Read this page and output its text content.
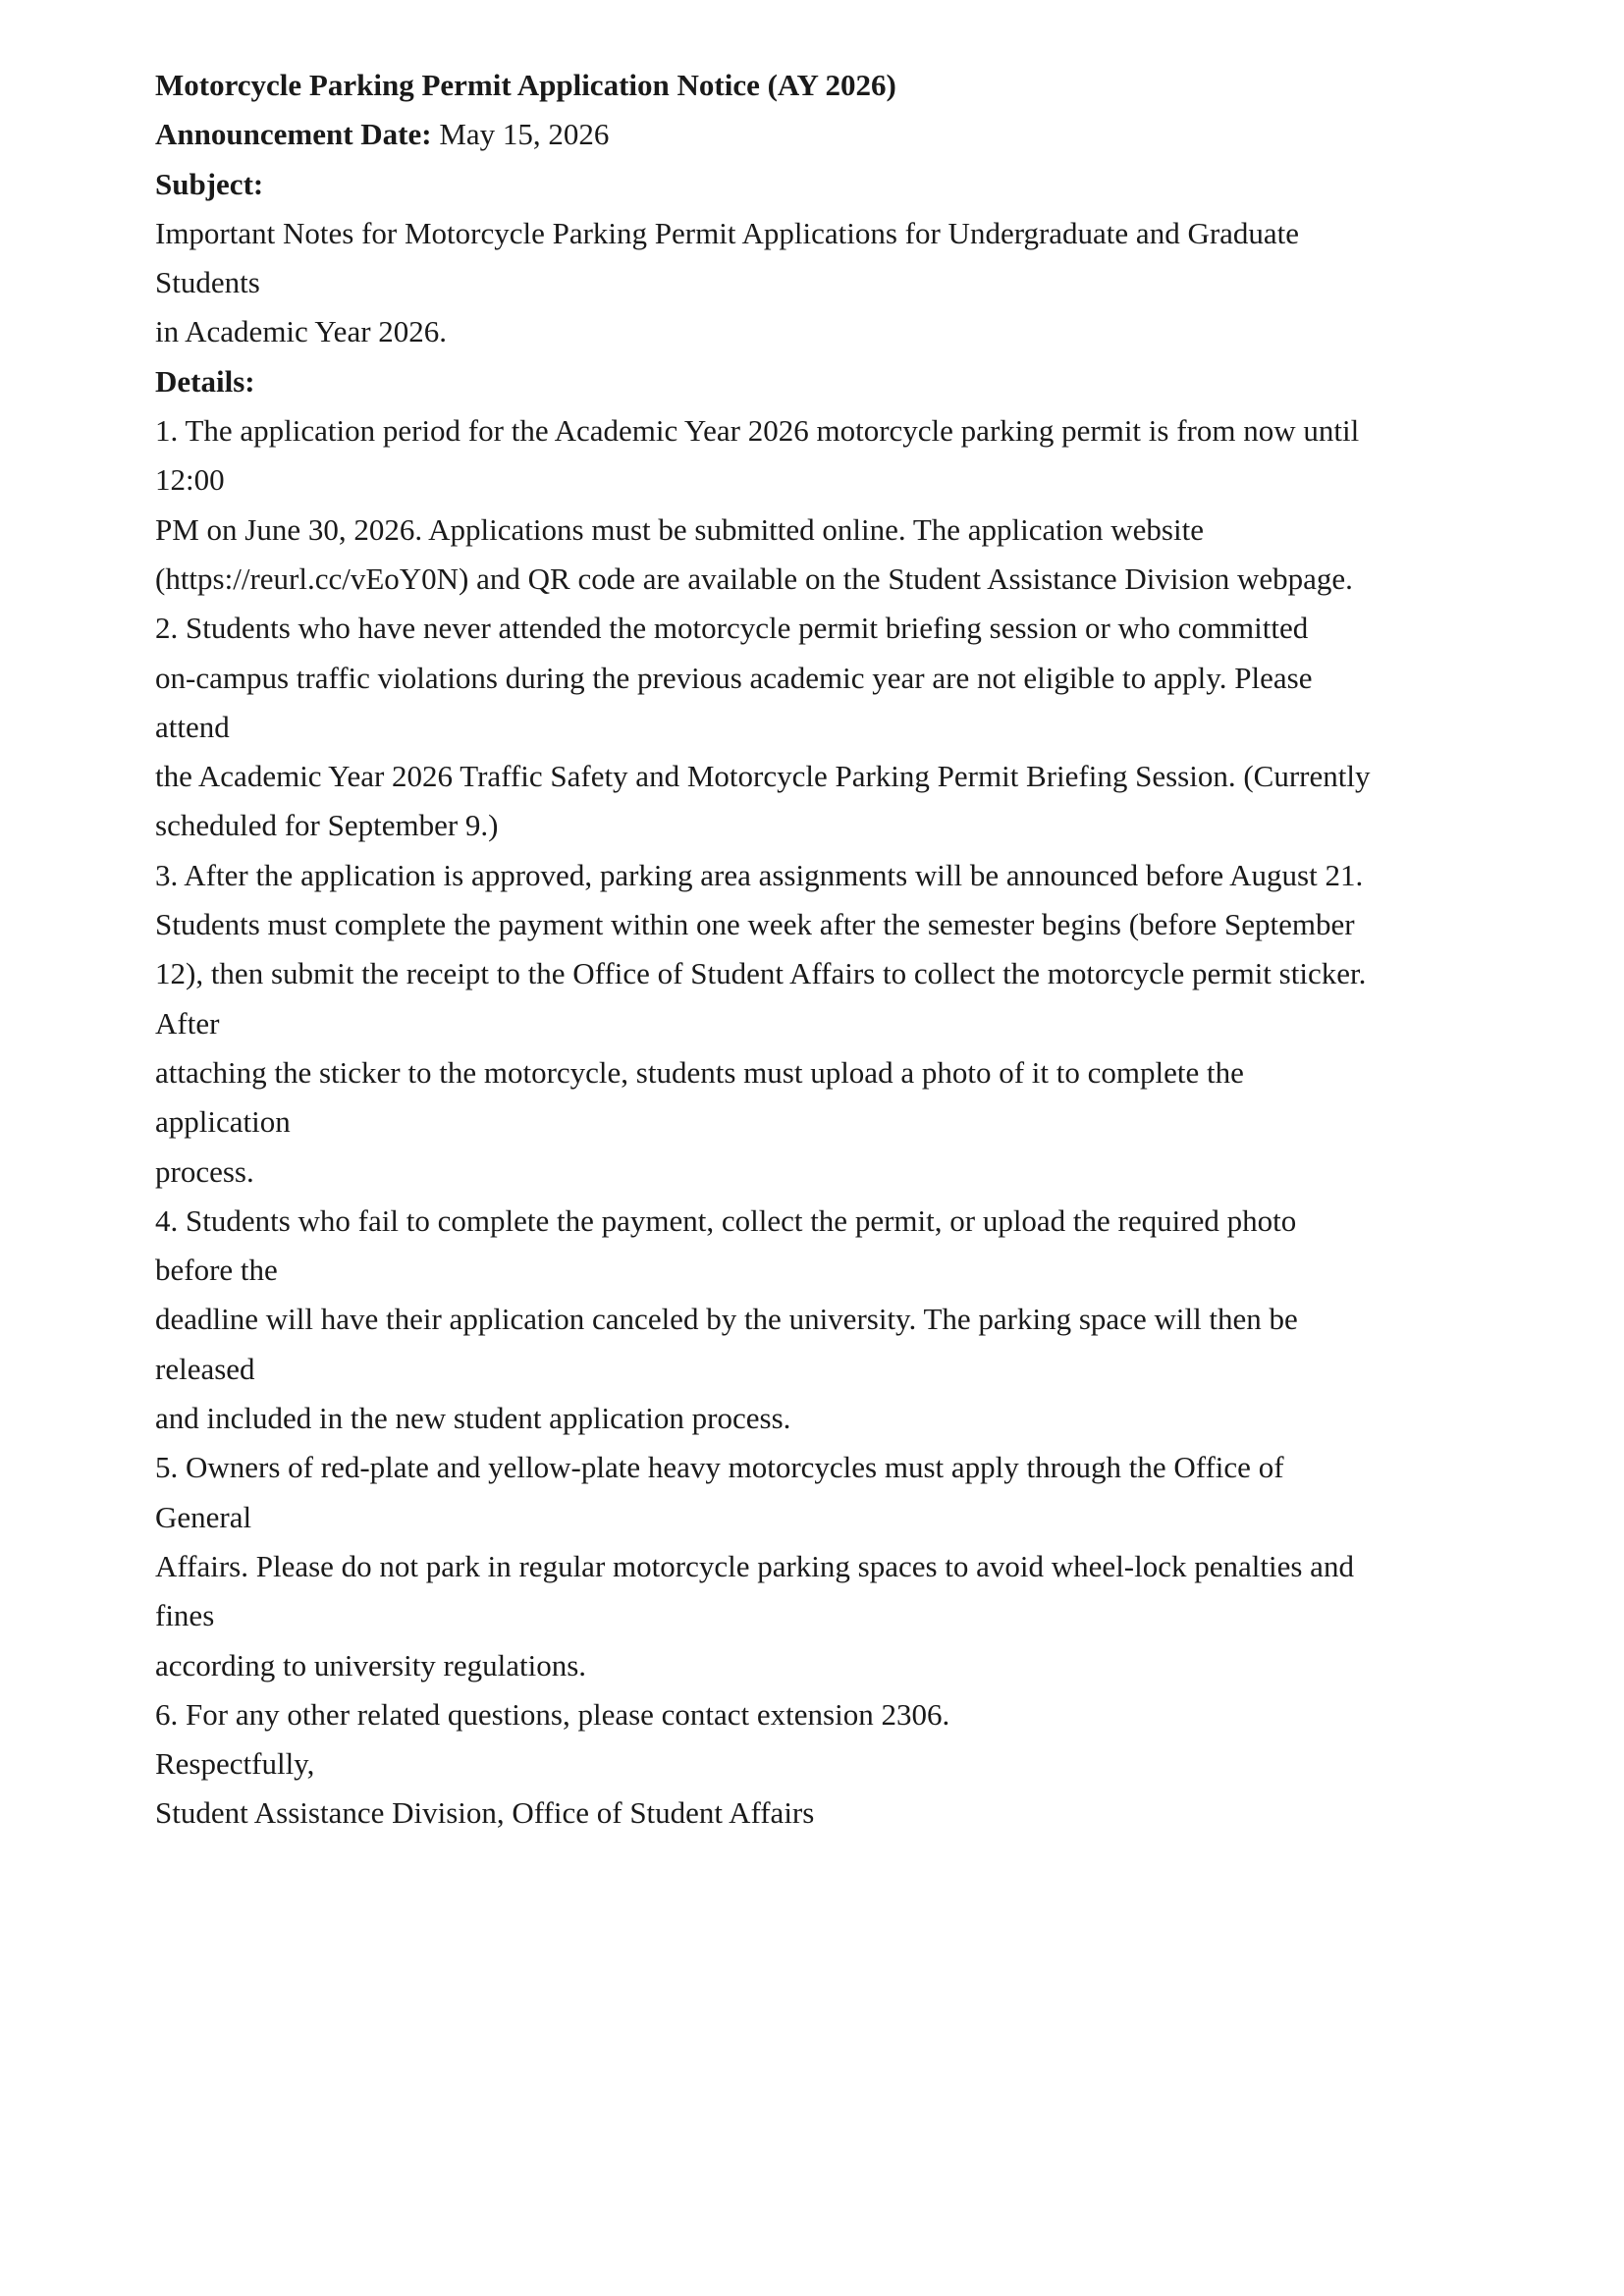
Motorcycle Parking Permit Application Notice (AY 2026)
Announcement Date: May 15, 2026
Subject:
Important Notes for Motorcycle Parking Permit Applications for Undergraduate and Graduate
Students
in Academic Year 2026.
Details:
1. The application period for the Academic Year 2026 motorcycle parking permit is from now until
12:00
PM on June 30, 2026. Applications must be submitted online. The application website
(https://reurl.cc/vEoY0N) and QR code are available on the Student Assistance Division webpage.
2. Students who have never attended the motorcycle permit briefing session or who committed
on-campus traffic violations during the previous academic year are not eligible to apply. Please
attend
the Academic Year 2026 Traffic Safety and Motorcycle Parking Permit Briefing Session. (Currently
scheduled for September 9.)
3. After the application is approved, parking area assignments will be announced before August 21.
Students must complete the payment within one week after the semester begins (before September
12), then submit the receipt to the Office of Student Affairs to collect the motorcycle permit sticker.
After
attaching the sticker to the motorcycle, students must upload a photo of it to complete the
application
process.
4. Students who fail to complete the payment, collect the permit, or upload the required photo
before the
deadline will have their application canceled by the university. The parking space will then be
released
and included in the new student application process.
5. Owners of red-plate and yellow-plate heavy motorcycles must apply through the Office of
General
Affairs. Please do not park in regular motorcycle parking spaces to avoid wheel-lock penalties and
fines
according to university regulations.
6. For any other related questions, please contact extension 2306.
Respectfully,
Student Assistance Division, Office of Student Affairs
